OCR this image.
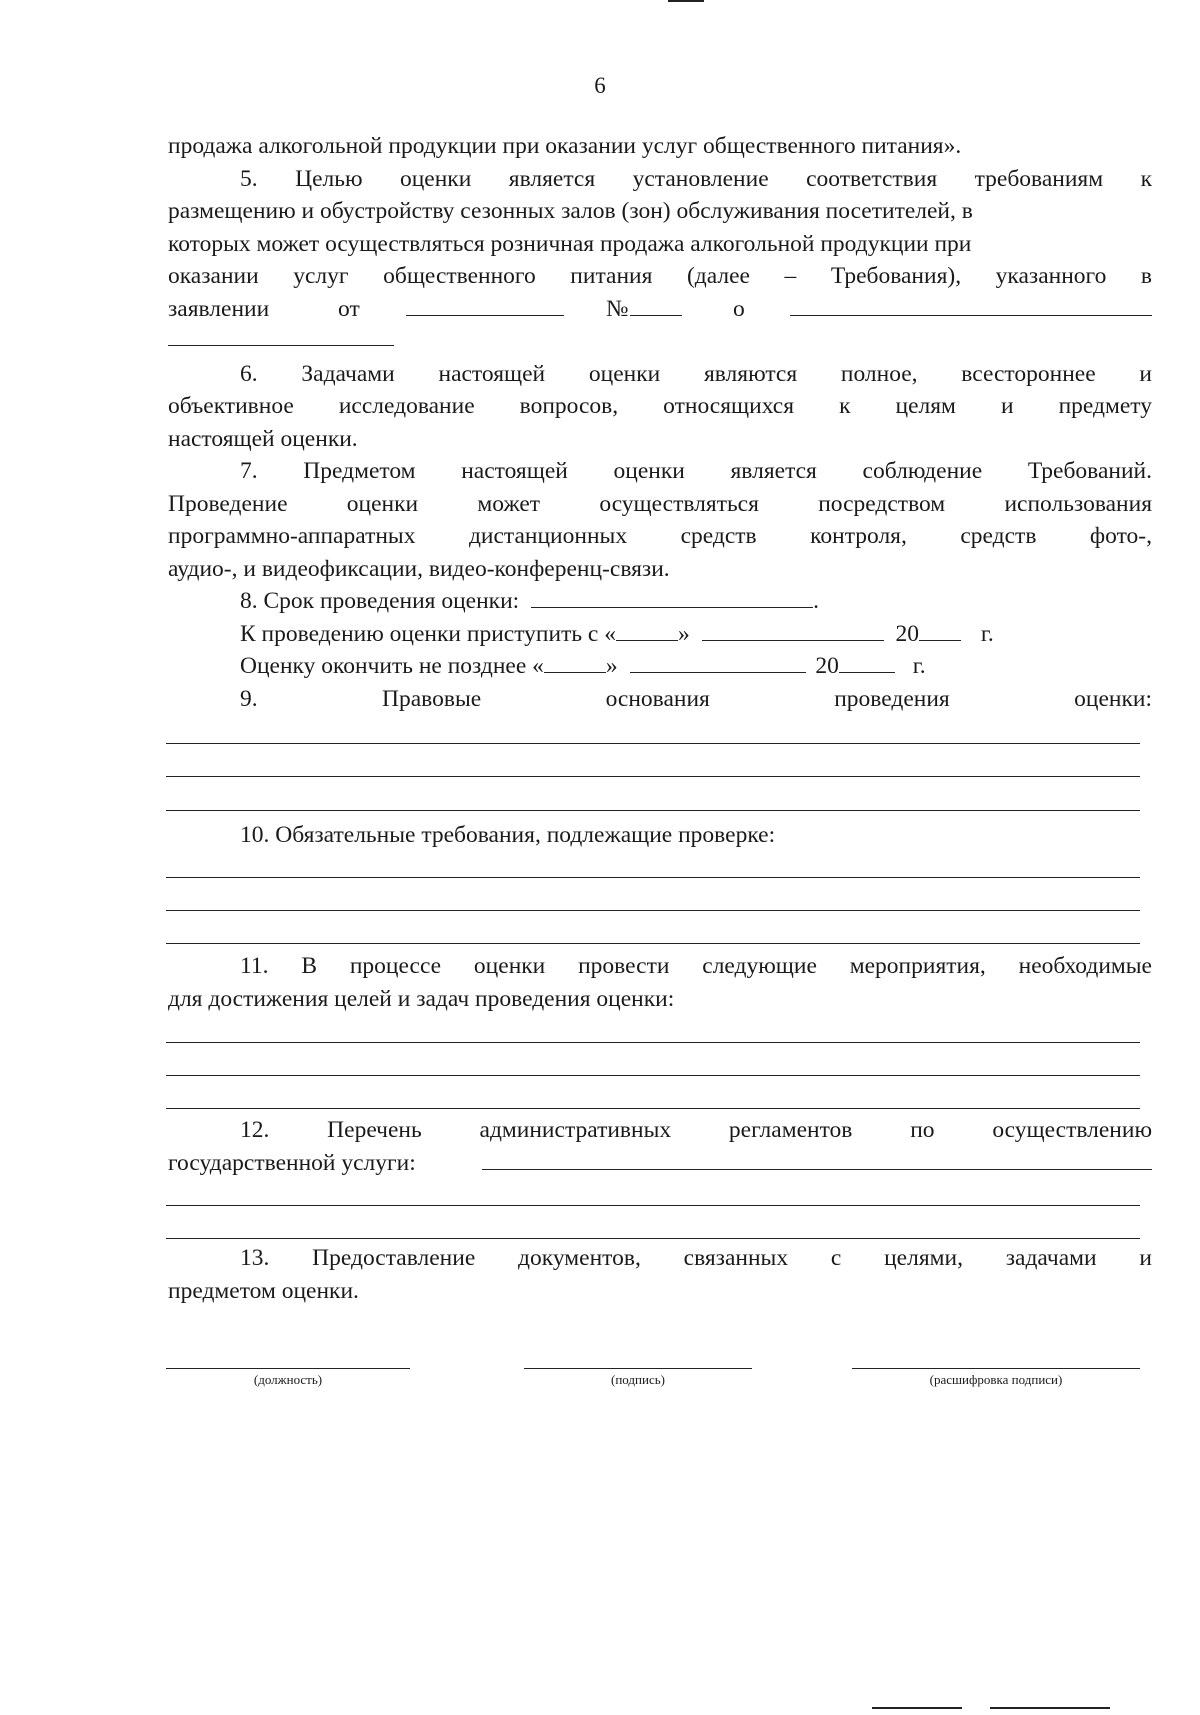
6
продажа алкогольной продукции при оказании услуг общественного питания».
5. Целью оценки является установление соответствия требованиям к
размещению и обустройству сезонных залов (зон) обслуживания посетителей, в
которых может осуществляться розничная продажа алкогольной продукции при
оказании услуг общественного питания (далее – Требования), указанного в
заявлении	от	№	о
6. Задачами настоящей оценки являются полное, всестороннее и
объективное исследование вопросов, относящихся к целям и предмету
настоящей оценки.
7. Предметом настоящей оценки является соблюдение Требований.
Проведение оценки может осуществляться посредством использования
программно-аппаратных дистанционных средств контроля, средств фото-,
аудио-, и видеофиксации, видео-конференц-связи.
8. Срок проведения оценки:	.
К проведению оценки приступить с «	»	20	г.
Оценку окончить не позднее «	»	20	г.
9.	Правовые	основания	проведения	оценки:
10. Обязательные требования, подлежащие проверке:
11. В процессе оценки провести следующие мероприятия, необходимые
для достижения целей и задач проведения оценки:
12. Перечень административных регламентов по осуществлению
государственной услуги:
13. Предоставление документов, связанных с целями, задачами и
предметом оценки.
(должность)	(подпись)	(расшифровка подписи)
